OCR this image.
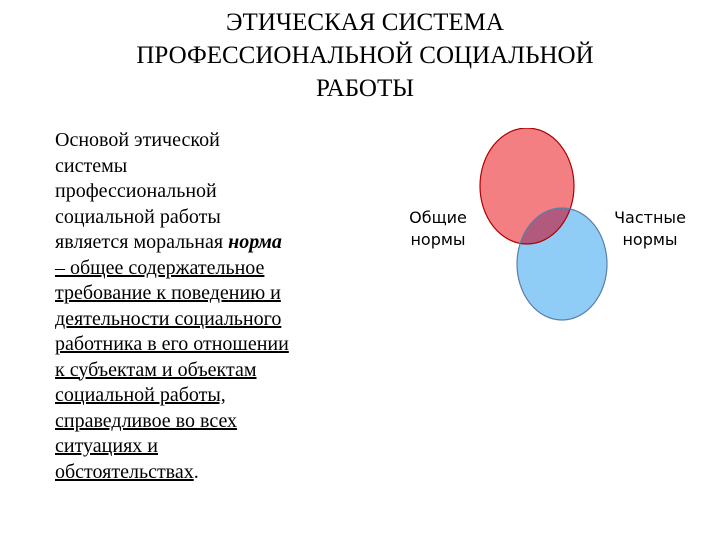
ЭТИЧЕСКАЯ СИСТЕМА
ПРОФЕССИОНАЛЬНОЙ СОЦИАЛЬНОЙ
РАБОТЫ

Основой этической
системы
профессиональной
социальной работы
является моральная норма
– общее содержательное
требование к поведению и
деятельности социального
работника в его отношении
к субъектам и объектам
социальной работы,
справедливое во всех
ситуациях и
обстоятельствах.

Общие
нормы
Частные
нормы
